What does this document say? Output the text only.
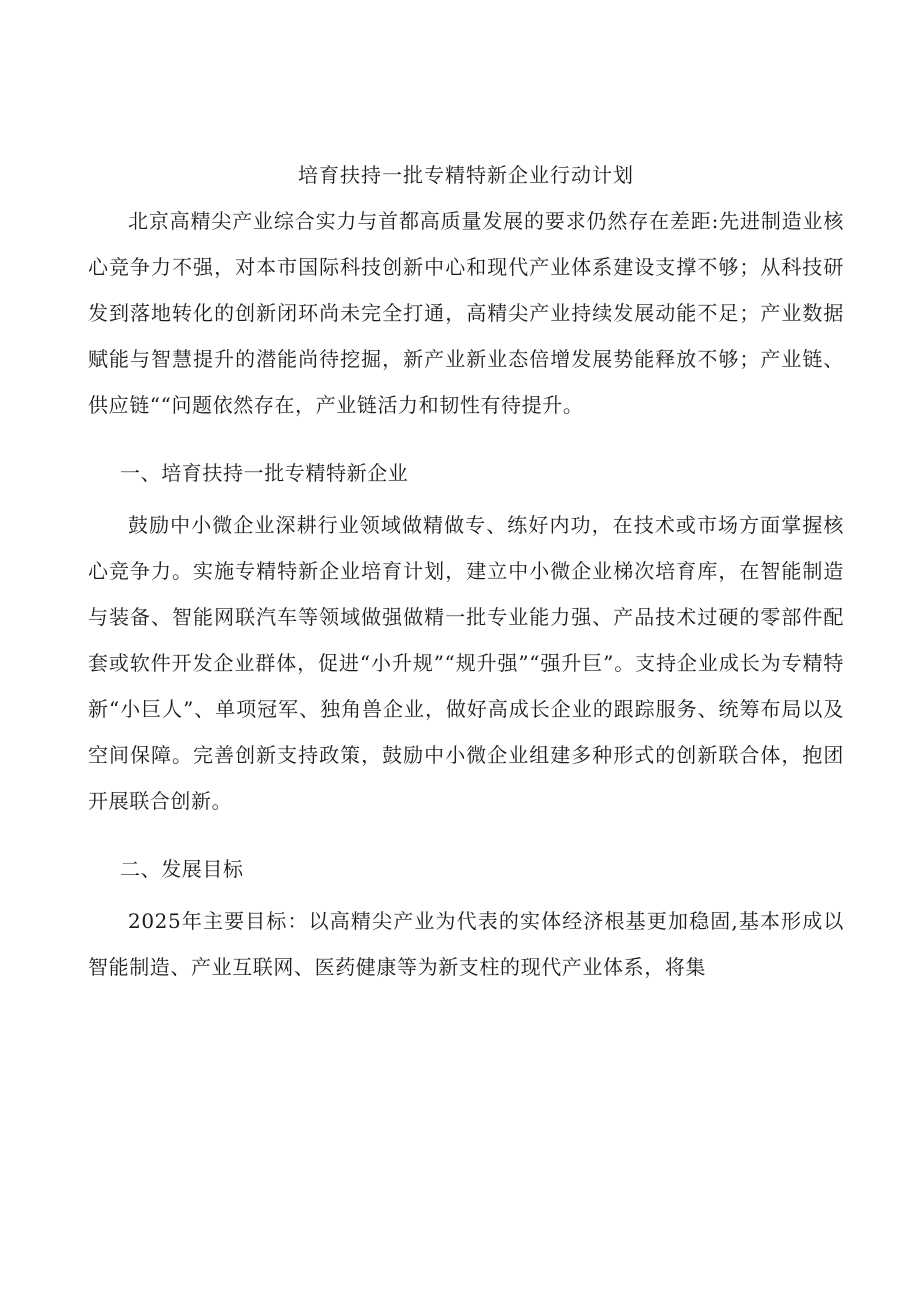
培育扶持一批专精特新企业行动计划

北京高精尖产业综合实力与首都高质量发展的要求仍然存在差距:先进制造业核心竞争力不强，对本市国际科技创新中心和现代产业体系建设支撑不够；从科技研发到落地转化的创新闭环尚未完全打通，高精尖产业持续发展动能不足；产业数据赋能与智慧提升的潜能尚待挖掘，新产业新业态倍增发展势能释放不够；产业链、供应链““问题依然存在，产业链活力和韧性有待提升。

一、培育扶持一批专精特新企业

鼓励中小微企业深耕行业领域做精做专、练好内功，在技术或市场方面掌握核心竞争力。实施专精特新企业培育计划，建立中小微企业梯次培育库，在智能制造与装备、智能网联汽车等领域做强做精一批专业能力强、产品技术过硬的零部件配套或软件开发企业群体，促进“小升规”“规升强”“强升巨”。支持企业成长为专精特新“小巨人”、单项冠军、独角兽企业，做好高成长企业的跟踪服务、统筹布局以及空间保障。完善创新支持政策，鼓励中小微企业组建多种形式的创新联合体，抱团开展联合创新。

二、发展目标

2025年主要目标：以高精尖产业为代表的实体经济根基更加稳固,基本形成以智能制造、产业互联网、医药健康等为新支柱的现代产业体系，将集
